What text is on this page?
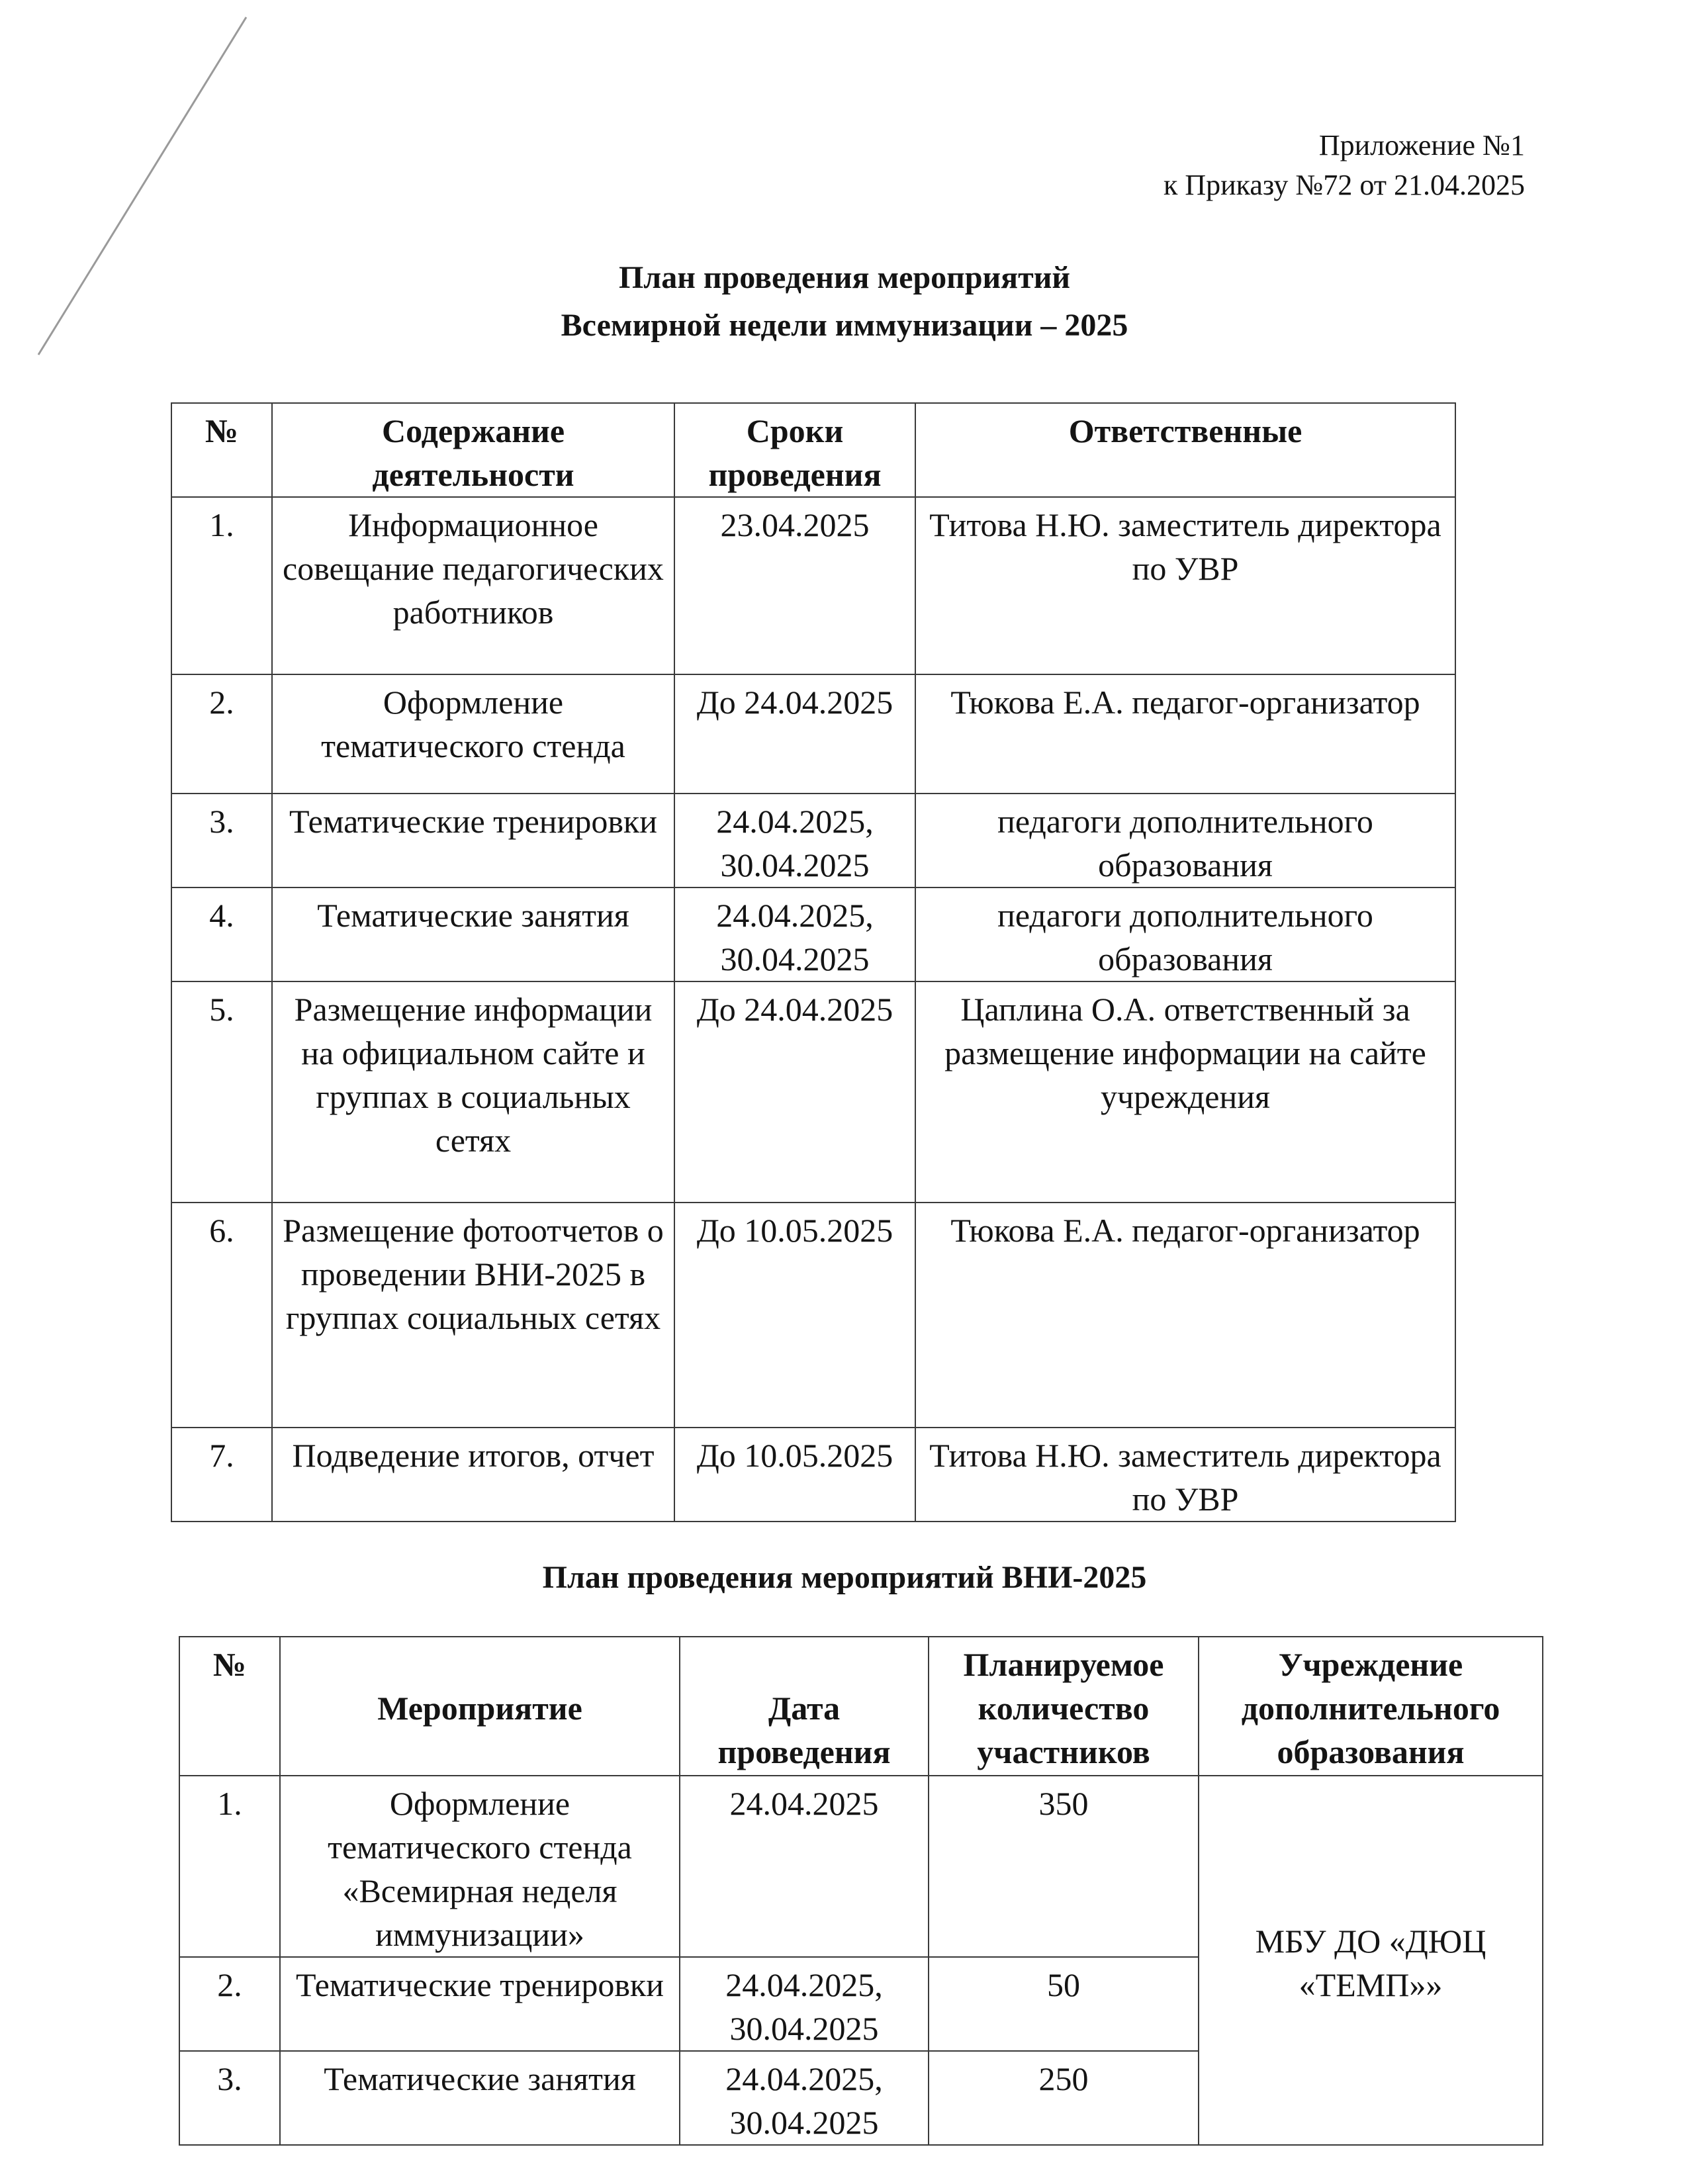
Приложение №1
к Приказу №72 от 21.04.2025
План проведения мероприятий
Всемирной недели иммунизации – 2025
№	Содержание деятельности	Сроки проведения	Ответственные
1.	Информационное совещание педагогических работников	23.04.2025	Титова Н.Ю. заместитель директора по УВР
2.	Оформление тематического стенда	До 24.04.2025	Тюкова Е.А. педагог-организатор
3.	Тематические тренировки	24.04.2025, 30.04.2025	педагоги дополнительного образования
4.	Тематические занятия	24.04.2025, 30.04.2025	педагоги дополнительного образования
5.	Размещение информации на официальном сайте и группах в социальных сетях	До 24.04.2025	Цаплина О.А. ответственный за размещение информации на сайте учреждения
6.	Размещение фотоотчетов о проведении ВНИ-2025 в группах социальных сетях	До 10.05.2025	Тюкова Е.А. педагог-организатор
7.	Подведение итогов, отчет	До 10.05.2025	Титова Н.Ю. заместитель директора по УВР
План проведения мероприятий ВНИ-2025
№	Мероприятие	Дата проведения	Планируемое количество участников	Учреждение дополнительного образования
1.	Оформление тематического стенда «Всемирная неделя иммунизации»	24.04.2025	350	МБУ ДО «ДЮЦ «ТЕМП»»
2.	Тематические тренировки	24.04.2025, 30.04.2025	50	
3.	Тематические занятия	24.04.2025, 30.04.2025	250	
